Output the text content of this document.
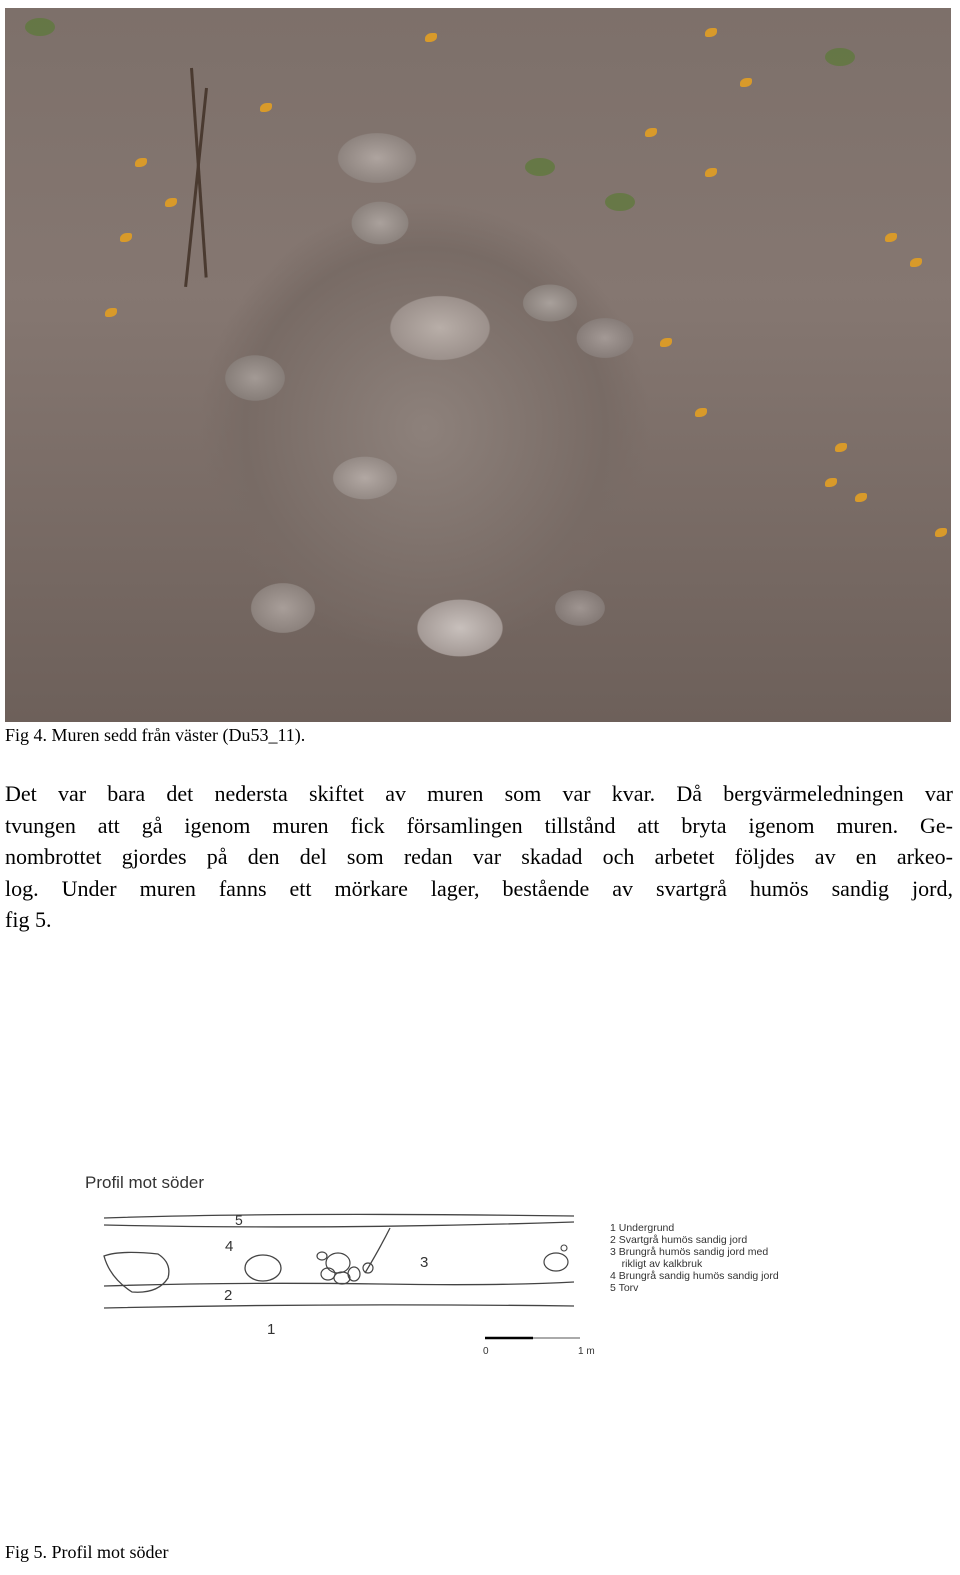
Fig 4. Muren sedd från väster (Du53_11).

Det var bara det nedersta skiftet av muren som var kvar. Då bergvärmeledningen var
tvungen att gå igenom muren fick församlingen tillstånd att bryta igenom muren. Ge-
nombrottet gjordes på den del som redan var skadad och arbetet följdes av en arkeo-
log. Under muren fanns ett mörkare lager, bestående av svartgrå humös sandig jord,
fig 5.

Profil mot söder
5
4
3
2
1
1 Undergrund
2 Svartgrå humös sandig jord
3 Brungrå humös sandig jord med
rikligt av kalkbruk
4 Brungrå sandig humös sandig jord
5 Torv
0	1 m
Fig 5. Profil mot söder
